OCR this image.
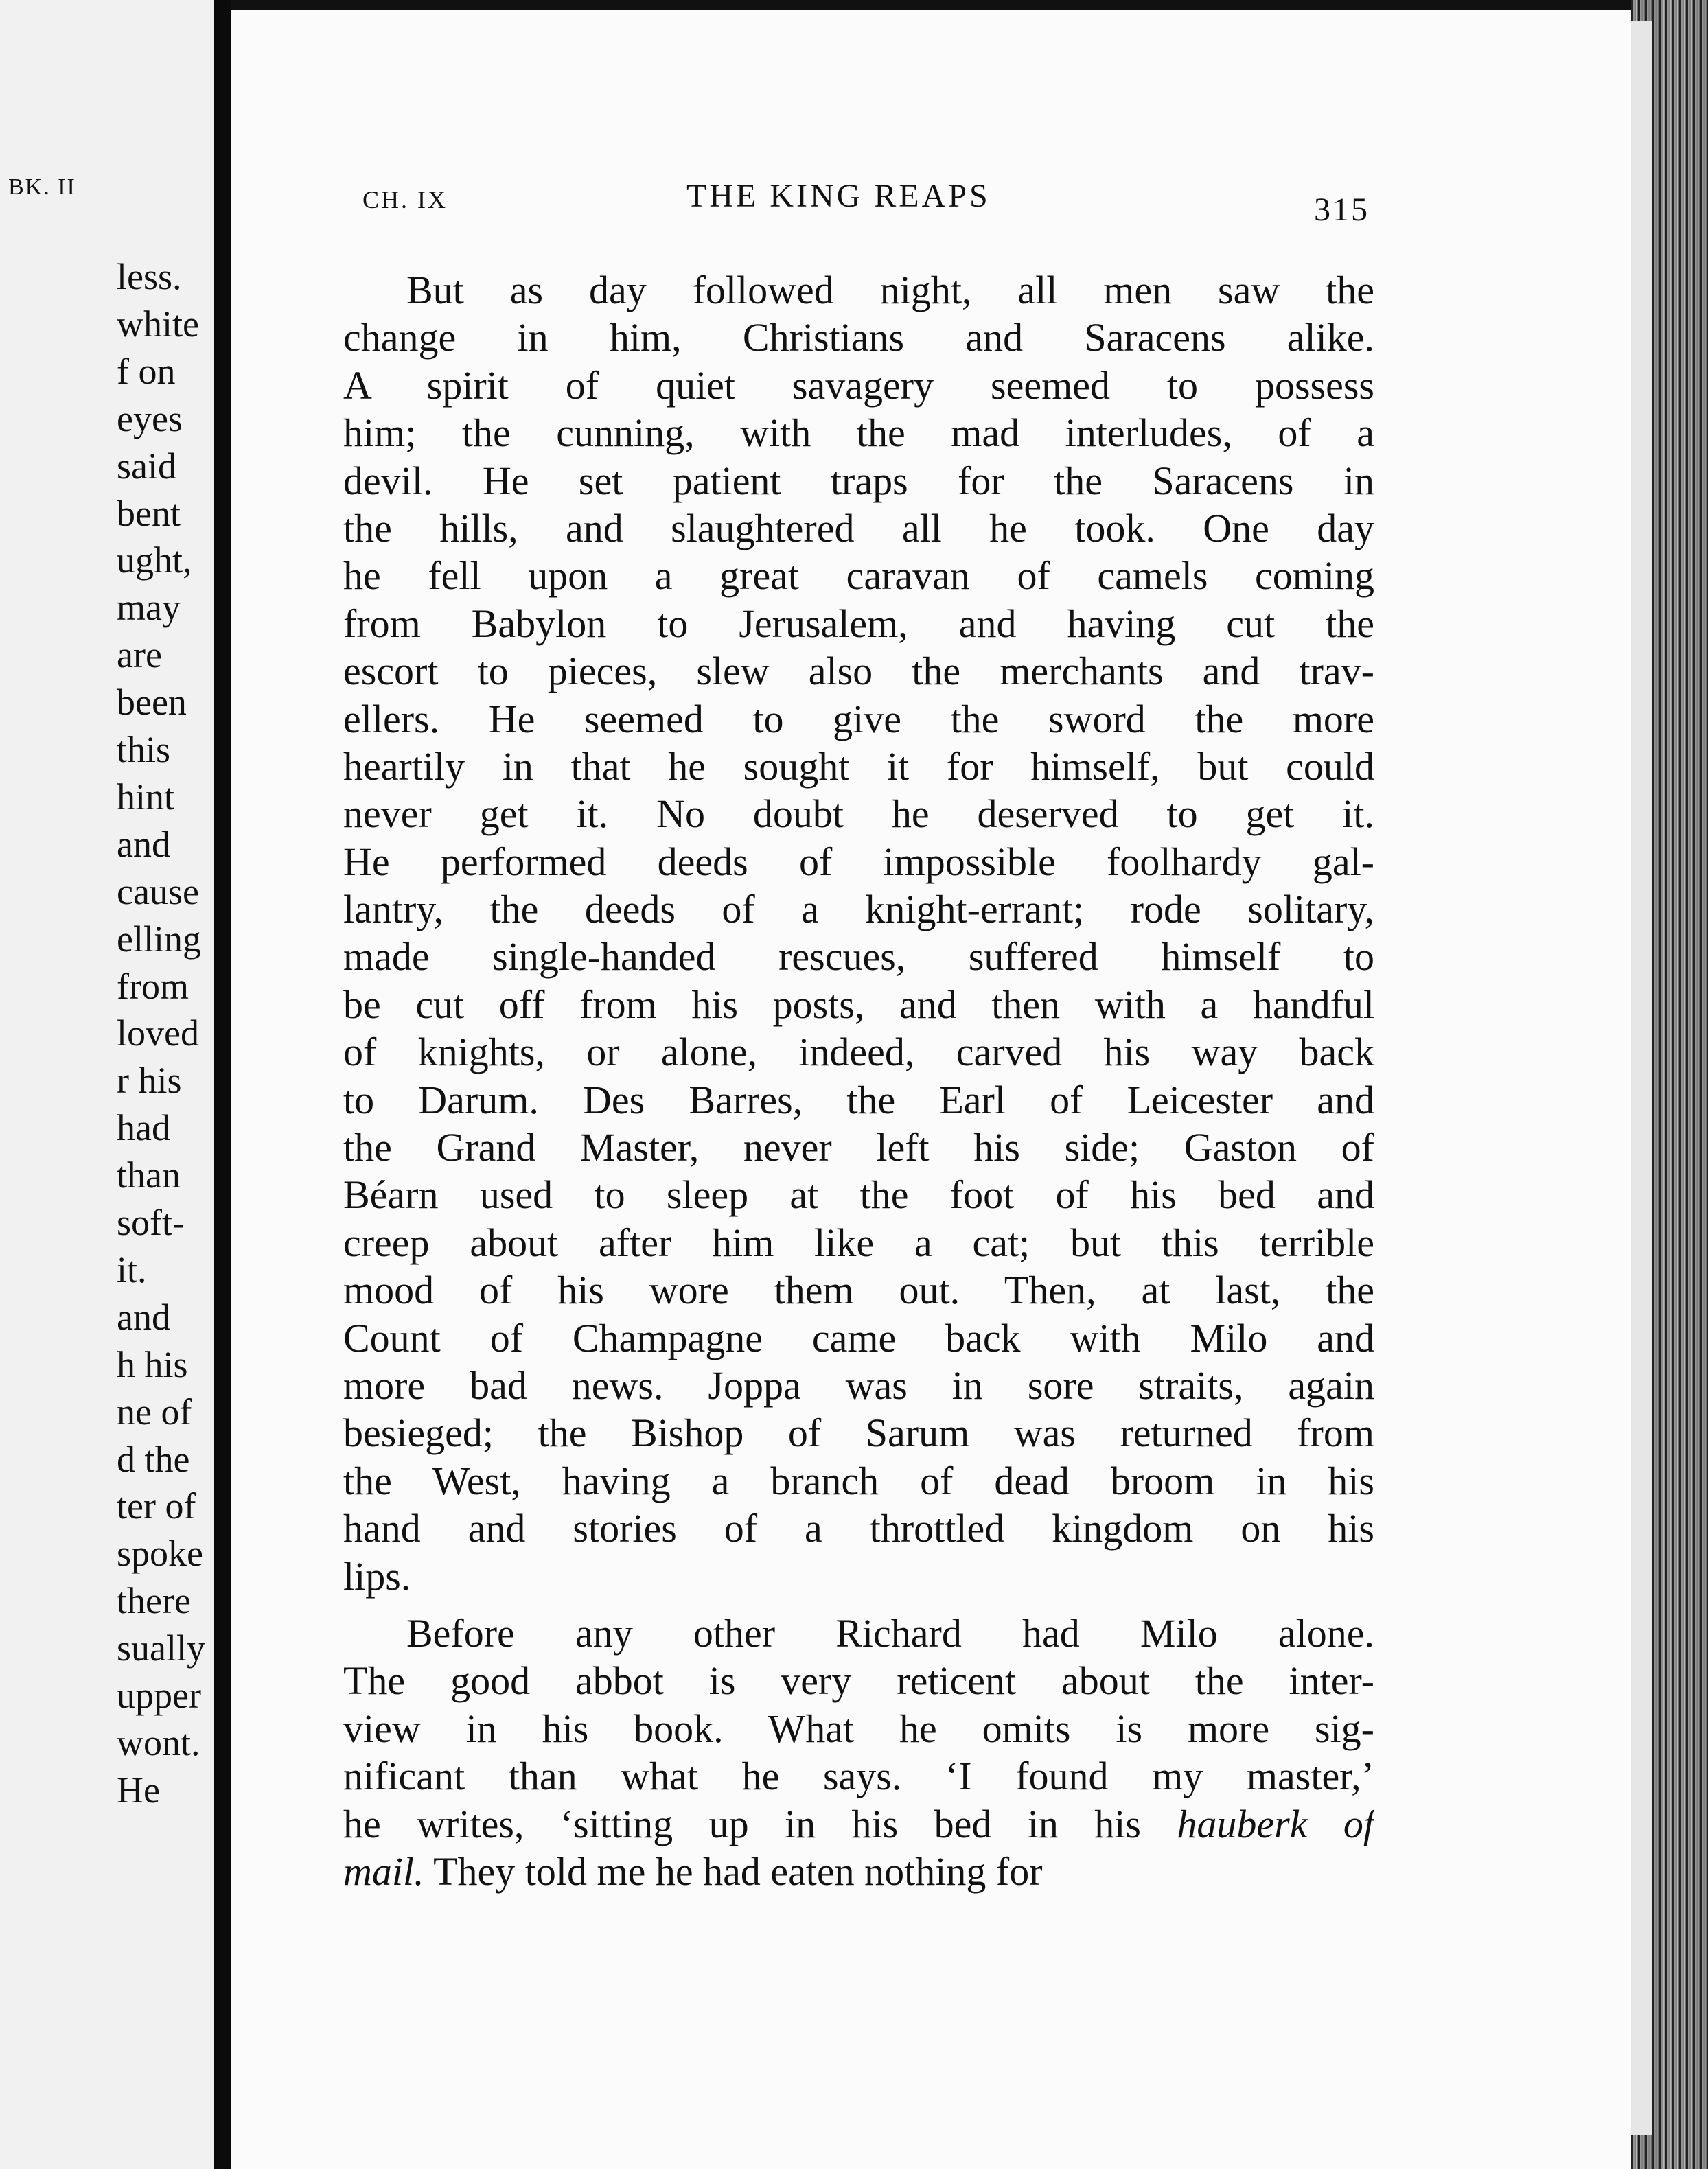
BK. II
less.
white
f on
eyes
said
bent
ught,
may
are
been
this
hint
and
cause
elling
from
loved
r his
had
than
soft-
it.
and
h his
ne of
d the
ter of
spoke
there
sually
upper
wont.
He
CH. IX	THE KING REAPS	315
But as day followed night, all men saw the
change in him, Christians and Saracens alike.
A spirit of quiet savagery seemed to possess
him; the cunning, with the mad interludes, of a
devil. He set patient traps for the Saracens in
the hills, and slaughtered all he took. One day
he fell upon a great caravan of camels coming
from Babylon to Jerusalem, and having cut the
escort to pieces, slew also the merchants and trav-
ellers. He seemed to give the sword the more
heartily in that he sought it for himself, but could
never get it. No doubt he deserved to get it.
He performed deeds of impossible foolhardy gal-
lantry, the deeds of a knight-errant; rode solitary,
made single-handed rescues, suffered himself to
be cut off from his posts, and then with a handful
of knights, or alone, indeed, carved his way back
to Darum. Des Barres, the Earl of Leicester and
the Grand Master, never left his side; Gaston of
Béarn used to sleep at the foot of his bed and
creep about after him like a cat; but this terrible
mood of his wore them out. Then, at last, the
Count of Champagne came back with Milo and
more bad news. Joppa was in sore straits, again
besieged; the Bishop of Sarum was returned from
the West, having a branch of dead broom in his
hand and stories of a throttled kingdom on his
lips.
Before any other Richard had Milo alone.
The good abbot is very reticent about the inter-
view in his book. What he omits is more sig-
nificant than what he says. ‘I found my master,’
he writes, ‘sitting up in his bed in his hauberk of
mail. They told me he had eaten nothing for
